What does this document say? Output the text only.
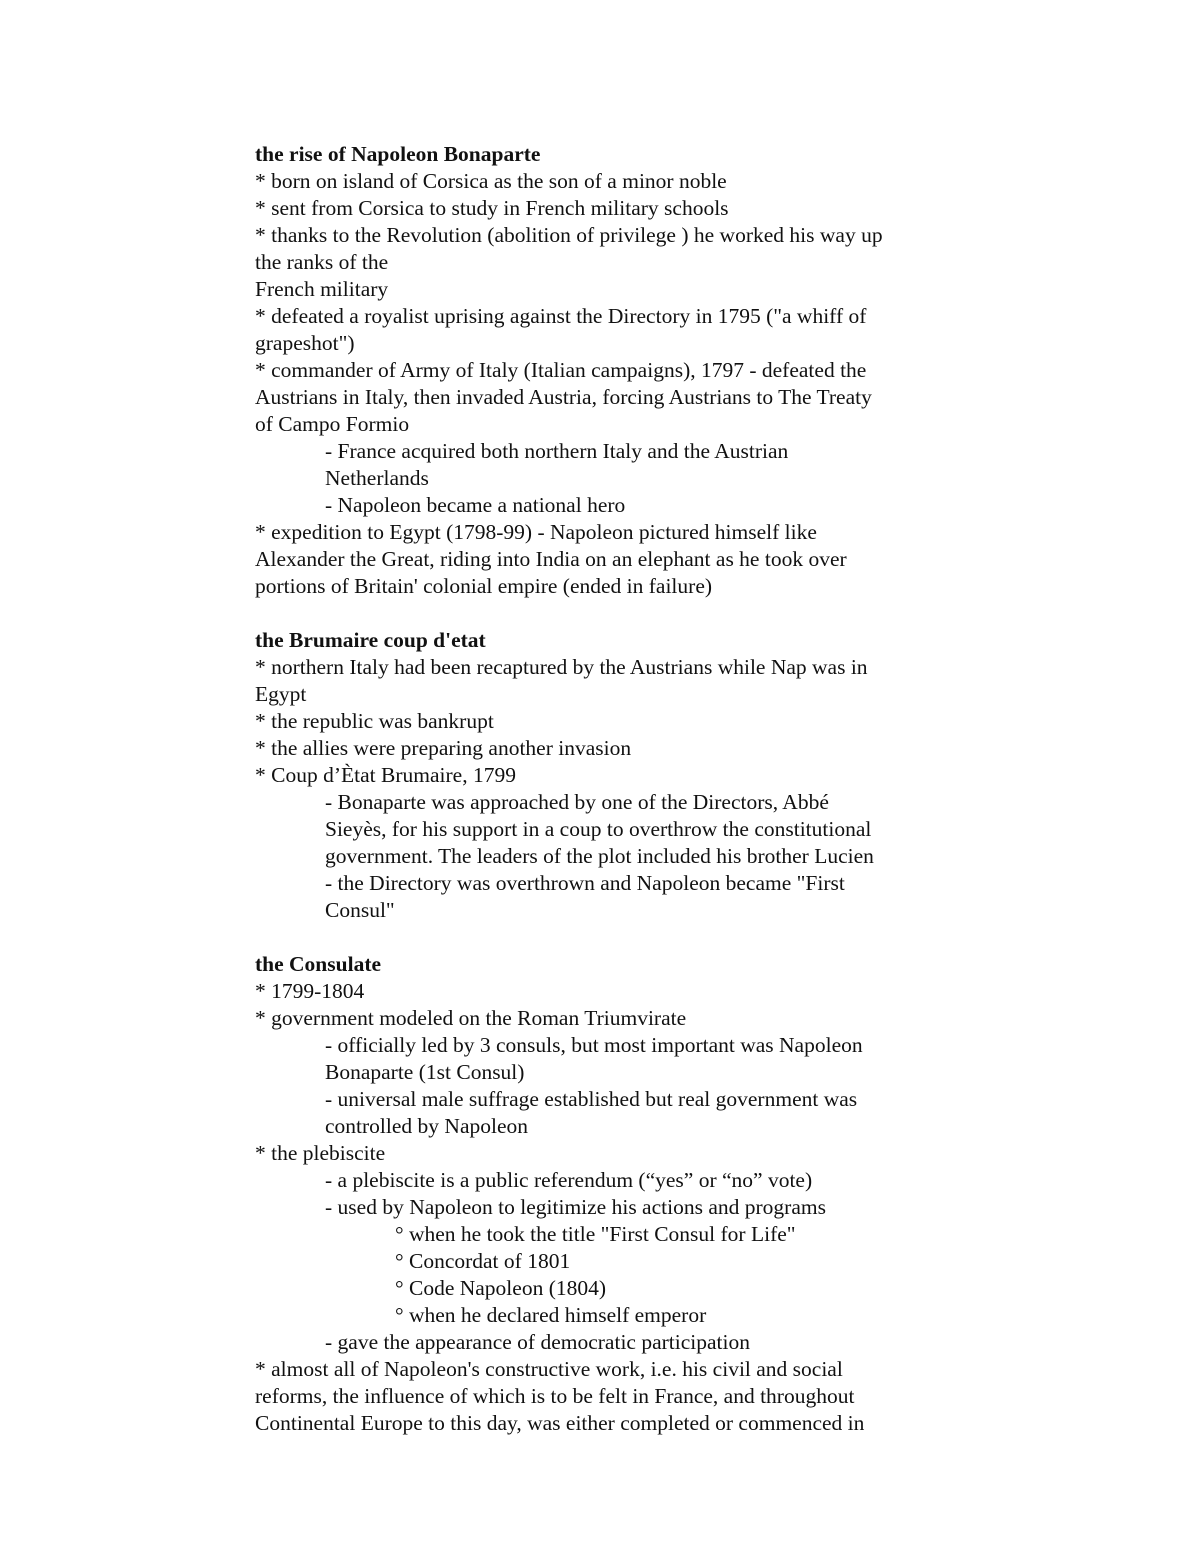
the rise of Napoleon Bonaparte
* born on island of Corsica as the son of a minor noble
* sent from Corsica to study in French military schools
* thanks to the Revolution (abolition of privilege ) he worked his way up
the ranks of the
French military
* defeated a royalist uprising against the Directory in 1795 ("a whiff of
grapeshot")
* commander of Army of Italy (Italian campaigns), 1797 - defeated the
Austrians in Italy, then invaded Austria, forcing Austrians to The Treaty
of Campo Formio
- France acquired both northern Italy and the Austrian
Netherlands
- Napoleon became a national hero
* expedition to Egypt (1798-99) - Napoleon pictured himself like
Alexander the Great, riding into India on an elephant as he took over
portions of Britain' colonial empire (ended in failure)
the Brumaire coup d'etat
* northern Italy had been recaptured by the Austrians while Nap was in
Egypt
* the republic was bankrupt
* the allies were preparing another invasion
* Coup d’Ètat Brumaire, 1799
- Bonaparte was approached by one of the Directors, Abbé
Sieyès, for his support in a coup to overthrow the constitutional
government. The leaders of the plot included his brother Lucien
- the Directory was overthrown and Napoleon became "First
Consul"
the Consulate
* 1799-1804
* government modeled on the Roman Triumvirate
- officially led by 3 consuls, but most important was Napoleon
Bonaparte (1st Consul)
- universal male suffrage established but real government was
controlled by Napoleon
* the plebiscite
- a plebiscite is a public referendum (“yes” or “no” vote)
- used by Napoleon to legitimize his actions and programs
° when he took the title "First Consul for Life"
° Concordat of 1801
° Code Napoleon (1804)
° when he declared himself emperor
- gave the appearance of democratic participation
* almost all of Napoleon's constructive work, i.e. his civil and social
reforms, the influence of which is to be felt in France, and throughout
Continental Europe to this day, was either completed or commenced in
